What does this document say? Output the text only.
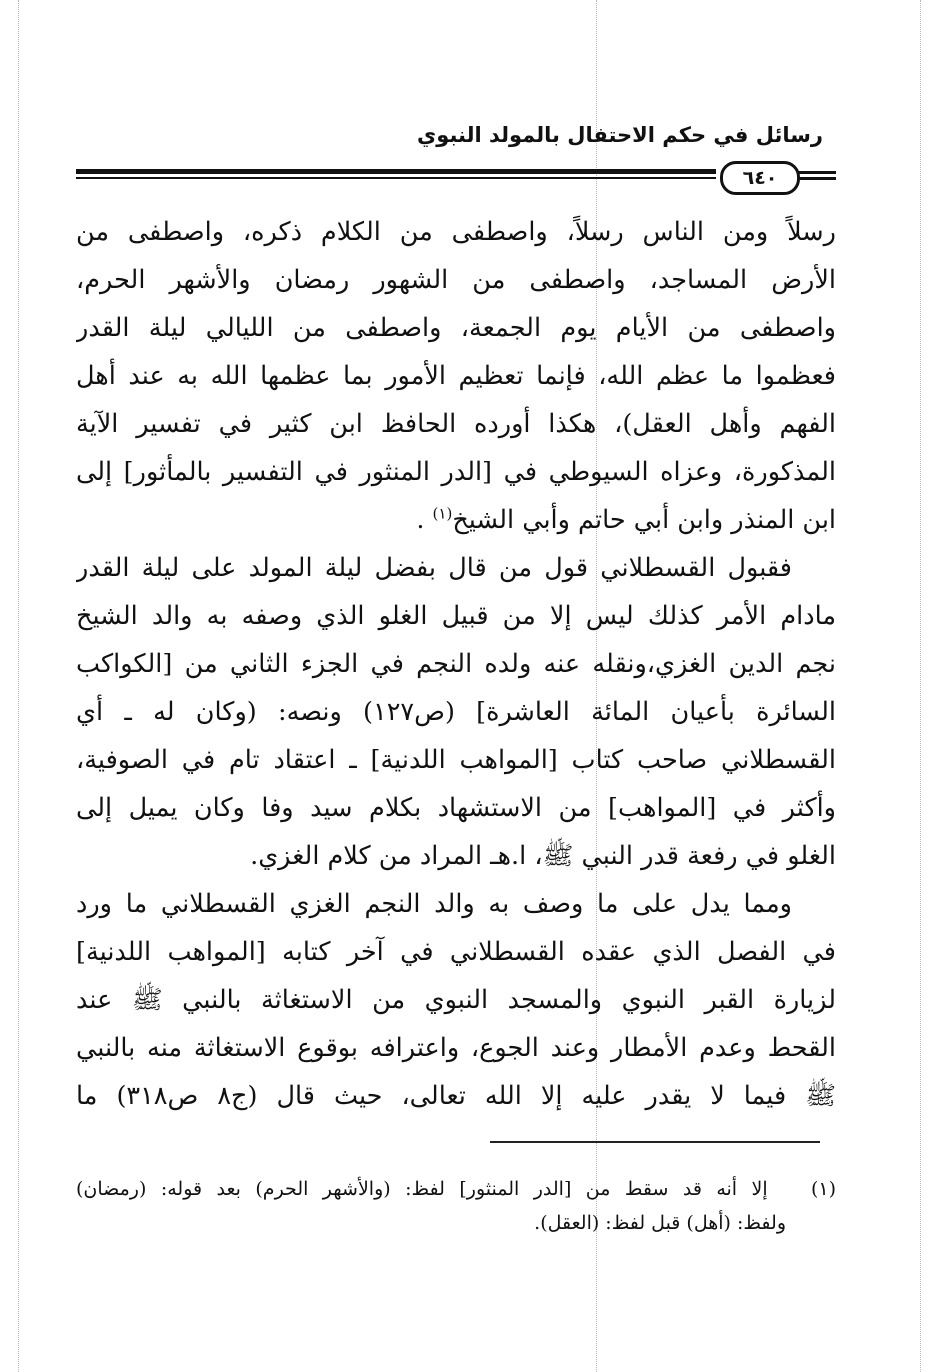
رسائل في حكم الاحتفال بالمولد النبوي
٦٤٠
رسلاً ومن الناس رسلاً، واصطفى من الكلام ذكره، واصطفى من
الأرض المساجد، واصطفى من الشهور رمضان والأشهر الحرم،
واصطفى من الأيام يوم الجمعة، واصطفى من الليالي ليلة القدر
فعظموا ما عظم الله، فإنما تعظيم الأمور بما عظمها الله به عند أهل
الفهم وأهل العقل)، هكذا أورده الحافظ ابن كثير في تفسير الآية
المذكورة، وعزاه السيوطي في [الدر المنثور في التفسير بالمأثور] إلى
ابن المنذر وابن أبي حاتم وأبي الشيخ$^{(١)}$ .
فقبول القسطلاني قول من قال بفضل ليلة المولد على ليلة القدر
مادام الأمر كذلك ليس إلا من قبيل الغلو الذي وصفه به والد الشيخ
نجم الدين الغزي،ونقله عنه ولده النجم في الجزء الثاني من [الكواكب
السائرة بأعيان المائة العاشرة] (ص١٢٧) ونصه: (وكان له ـ أي
القسطلاني صاحب كتاب [المواهب اللدنية] ـ اعتقاد تام في الصوفية،
وأكثر في [المواهب] من الاستشهاد بكلام سيد وفا وكان يميل إلى
الغلو في رفعة قدر النبي ﷺ، ا.هـ المراد من كلام الغزي.
ومما يدل على ما وصف به والد النجم الغزي القسطلاني ما ورد
في الفصل الذي عقده القسطلاني في آخر كتابه [المواهب اللدنية]
لزيارة القبر النبوي والمسجد النبوي من الاستغاثة بالنبي ﷺ عند
القحط وعدم الأمطار وعند الجوع، واعترافه بوقوع الاستغاثة منه بالنبي
ﷺ فيما لا يقدر عليه إلا الله تعالى، حيث قال (ج٨ ص٣١٨) ما
(١)   إلا أنه قد سقط من [الدر المنثور] لفظ: (والأشهر الحرم) بعد قوله: (رمضان)
ولفظ: (أهل) قبل لفظ: (العقل).
